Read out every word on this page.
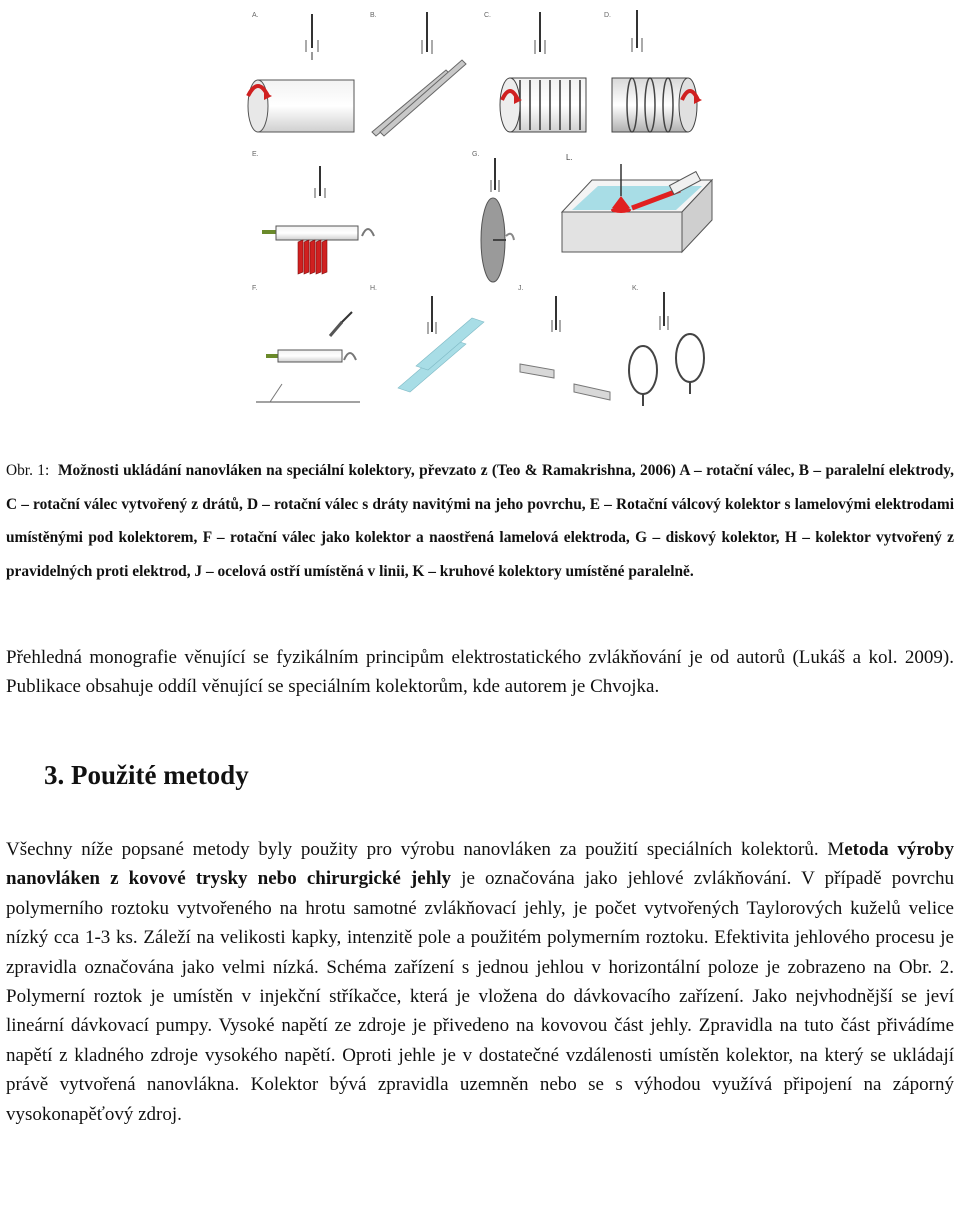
A.	B.	C.	D.
E.	G.	L.
F.	H.	J.	K.
Obr. 1: Možnosti ukládání nanovláken na speciální kolektory, převzato z (Teo & Ramakrishna, 2006) A – rotační válec, B – paralelní elektrody, C – rotační válec vytvořený z drátů, D – rotační válec s dráty navitými na jeho povrchu, E – Rotační válcový kolektor s lamelovými elektrodami umístěnými pod kolektorem, F – rotační válec jako kolektor a naostřená lamelová elektroda, G – diskový kolektor, H – kolektor vytvořený z pravidelných proti elektrod, J – ocelová ostří umístěná v linii, K – kruhové kolektory umístěné paralelně.
Přehledná monografie věnující se fyzikálním principům elektrostatického zvlákňování je od autorů (Lukáš a kol. 2009). Publikace obsahuje oddíl věnující se speciálním kolektorům, kde autorem je Chvojka.
3. Použité metody
Všechny níže popsané metody byly použity pro výrobu nanovláken za použití speciálních kolektorů. Metoda výroby nanovláken z kovové trysky nebo chirurgické jehly je označována jako jehlové zvlákňování. V případě povrchu polymerního roztoku vytvořeného na hrotu samotné zvlákňovací jehly, je počet vytvořených Taylorových kuželů velice nízký cca 1-3 ks. Záleží na velikosti kapky, intenzitě pole a použitém polymerním roztoku. Efektivita jehlového procesu je zpravidla označována jako velmi nízká. Schéma zařízení s jednou jehlou v horizontální poloze je zobrazeno na Obr. 2. Polymerní roztok je umístěn v injekční stříkačce, která je vložena do dávkovacího zařízení. Jako nejvhodnější se jeví lineární dávkovací pumpy. Vysoké napětí ze zdroje je přivedeno na kovovou část jehly. Zpravidla na tuto část přivádíme napětí z kladného zdroje vysokého napětí. Oproti jehle je v dostatečné vzdálenosti umístěn kolektor, na který se ukládají právě vytvořená nanovlákna. Kolektor bývá zpravidla uzemněn nebo se s výhodou využívá připojení na záporný vysokonapěťový zdroj.
